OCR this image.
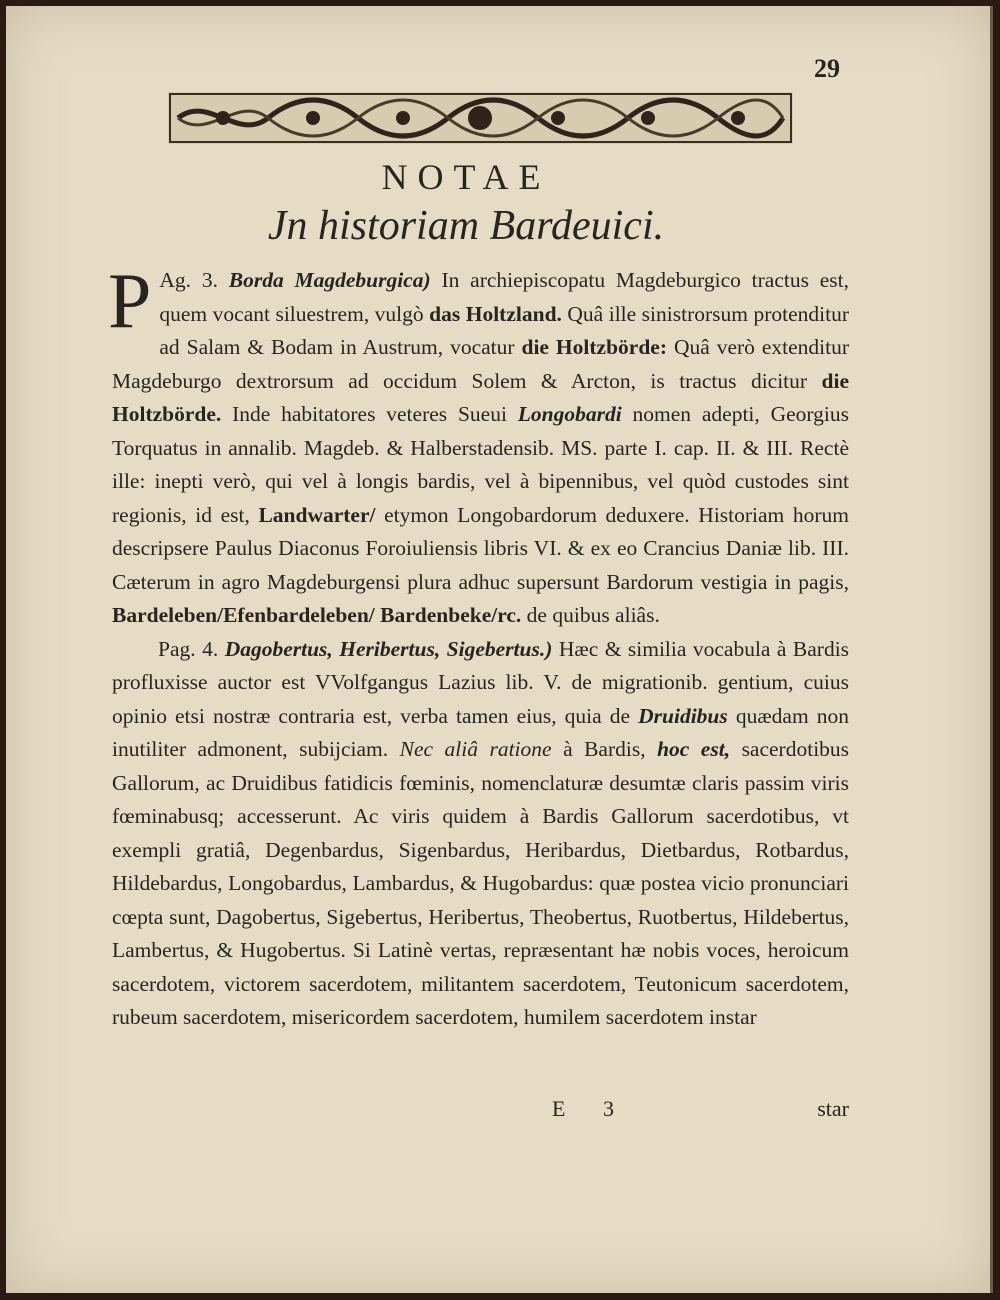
29
NOTAE
Jn historiam Bardeuici.

P Ag. 3. Borda Magdeburgica) In archiepiscopatu Magdeburgico tractus est, quem vocant siluestrem, vulgò das Holtzland. Quâ ille sinistrorsum protenditur ad Salam & Bodam in Austrum, vocatur die Holtzbörde: Quâ verò extenditur Magdeburgo dextrorsum ad occidum Solem & Arcton, is tractus dicitur die Holtzbörde. Inde habitatores veteres Sueui Longobardi nomen adepti, Georgius Torquatus in annalib. Magdeb. & Halberstadensib. MS. parte I. cap. II. & III. Rectè ille: inepti verò, qui vel à longis bardis, vel à bipennibus, vel quòd custodes sint regionis, id est, Landwarter/ etymon Longobardorum deduxere. Historiam horum descripsere Paulus Diaconus Foroiuliensis libris VI. & ex eo Crancius Daniæ lib. III. Cæterum in agro Magdeburgensi plura adhuc supersunt Bardorum vestigia in pagis, Bardeleben/Efenbardeleben/ Bardenbeke/rc. de quibus aliâs.

Pag. 4. Dagobertus, Heribertus, Sigebertus.) Hæc & similia vocabula à Bardis profluxisse auctor est VVolfgangus Lazius lib. V. de migrationib. gentium, cuius opinio etsi nostræ contraria est, verba tamen eius, quia de Druidibus quædam non inutiliter admonent, subijciam. Nec aliâ ratione à Bardis, hoc est, sacerdotibus Gallorum, ac Druidibus fatidicis fœminis, nomenclaturæ desumtæ claris passim viris fœminabusq; accesserunt. Ac viris quidem à Bardis Gallorum sacerdotibus, vt exempli gratiâ, Degenbardus, Sigenbardus, Heribardus, Dietbardus, Rotbardus, Hildebardus, Longobardus, Lambardus, & Hugobardus: quæ postea vicio pronunciari cœpta sunt, Dagobertus, Sigebertus, Heribertus, Theobertus, Ruotbertus, Hildebertus, Lambertus, & Hugobertus. Si Latinè vertas, repræsentant hæ nobis voces, heroicum sacerdotem, victorem sacerdotem, militantem sacerdotem, Teutonicum sacerdotem, rubeum sacerdotem, misericordem sacerdotem, humilem sacerdotem instar

E 3	star
